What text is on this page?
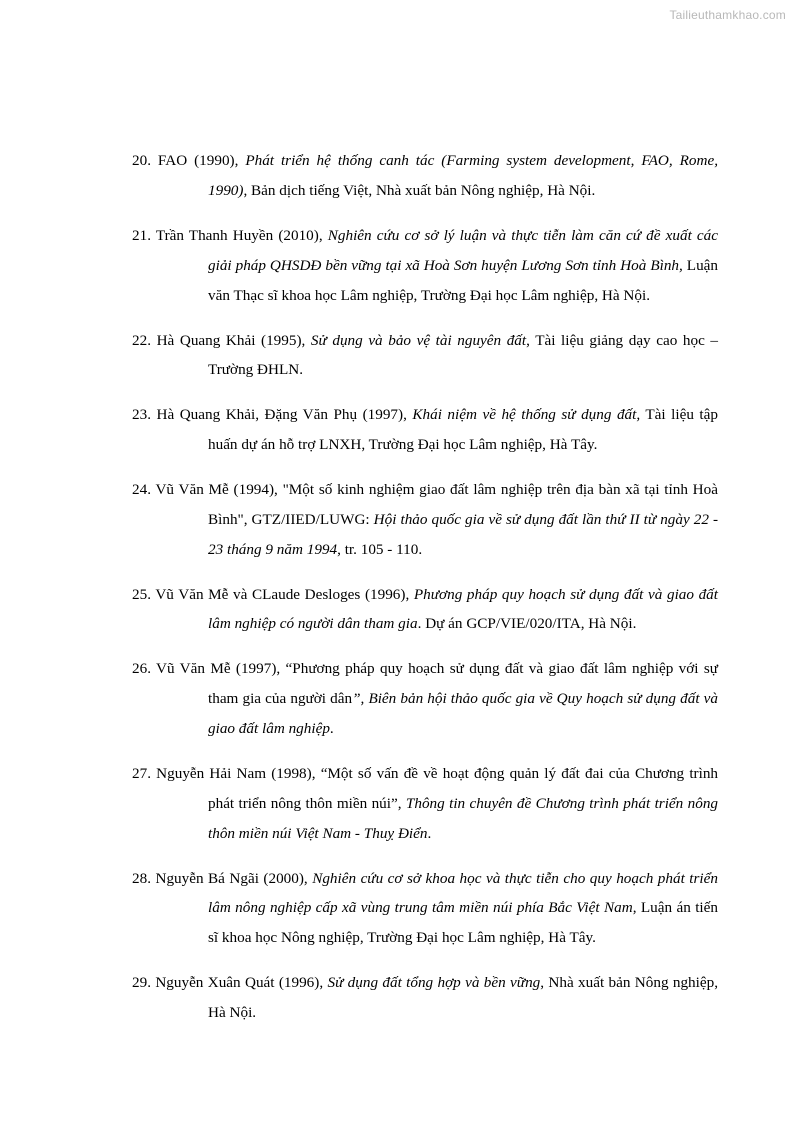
Tailieuthamkhao.com

20. FAO (1990), Phát triển hệ thống canh tác (Farming system development, FAO, Rome, 1990), Bản dịch tiếng Việt, Nhà xuất bản Nông nghiệp, Hà Nội.

21. Trần Thanh Huyền (2010), Nghiên cứu cơ sở lý luận và thực tiễn làm căn cứ đề xuất các giải pháp QHSDĐ bền vững tại xã Hoà Sơn huyện Lương Sơn tỉnh Hoà Bình, Luận văn Thạc sĩ khoa học Lâm nghiệp, Trường Đại học Lâm nghiệp, Hà Nội.

22. Hà Quang Khải (1995), Sử dụng và bảo vệ tài nguyên đất, Tài liệu giảng dạy cao học – Trường ĐHLN.

23. Hà Quang Khải, Đặng Văn Phụ (1997), Khái niệm về hệ thống sử dụng đất, Tài liệu tập huấn dự án hỗ trợ LNXH, Trường Đại học Lâm nghiệp, Hà Tây.

24. Vũ Văn Mễ (1994), "Một số kinh nghiệm giao đất lâm nghiệp trên địa bàn xã tại tỉnh Hoà Bình", GTZ/IIED/LUWG: Hội thảo quốc gia về sử dụng đất lần thứ II từ ngày 22 - 23 tháng 9 năm 1994, tr. 105 - 110.

25. Vũ Văn Mễ và CLaude Desloges (1996), Phương pháp quy hoạch sử dụng đất và giao đất lâm nghiệp có người dân tham gia. Dự án GCP/VIE/020/ITA, Hà Nội.

26. Vũ Văn Mễ (1997), “Phương pháp quy hoạch sử dụng đất và giao đất lâm nghiệp với sự tham gia của người dân”, Biên bản hội thảo quốc gia về Quy hoạch sử dụng đất và giao đất lâm nghiệp.

27. Nguyễn Hải Nam (1998), “Một số vấn đề về hoạt động quản lý đất đai của Chương trình phát triển nông thôn miền núi”, Thông tin chuyên đề Chương trình phát triển nông thôn miền núi Việt Nam - Thuỵ Điển.

28. Nguyễn Bá Ngãi (2000), Nghiên cứu cơ sở khoa học và thực tiễn cho quy hoạch phát triển lâm nông nghiệp cấp xã vùng trung tâm miền núi phía Bắc Việt Nam, Luận án tiến sĩ khoa học Nông nghiệp, Trường Đại học Lâm nghiệp, Hà Tây.

29. Nguyễn Xuân Quát (1996), Sử dụng đất tổng hợp và bền vững, Nhà xuất bản Nông nghiệp, Hà Nội.
